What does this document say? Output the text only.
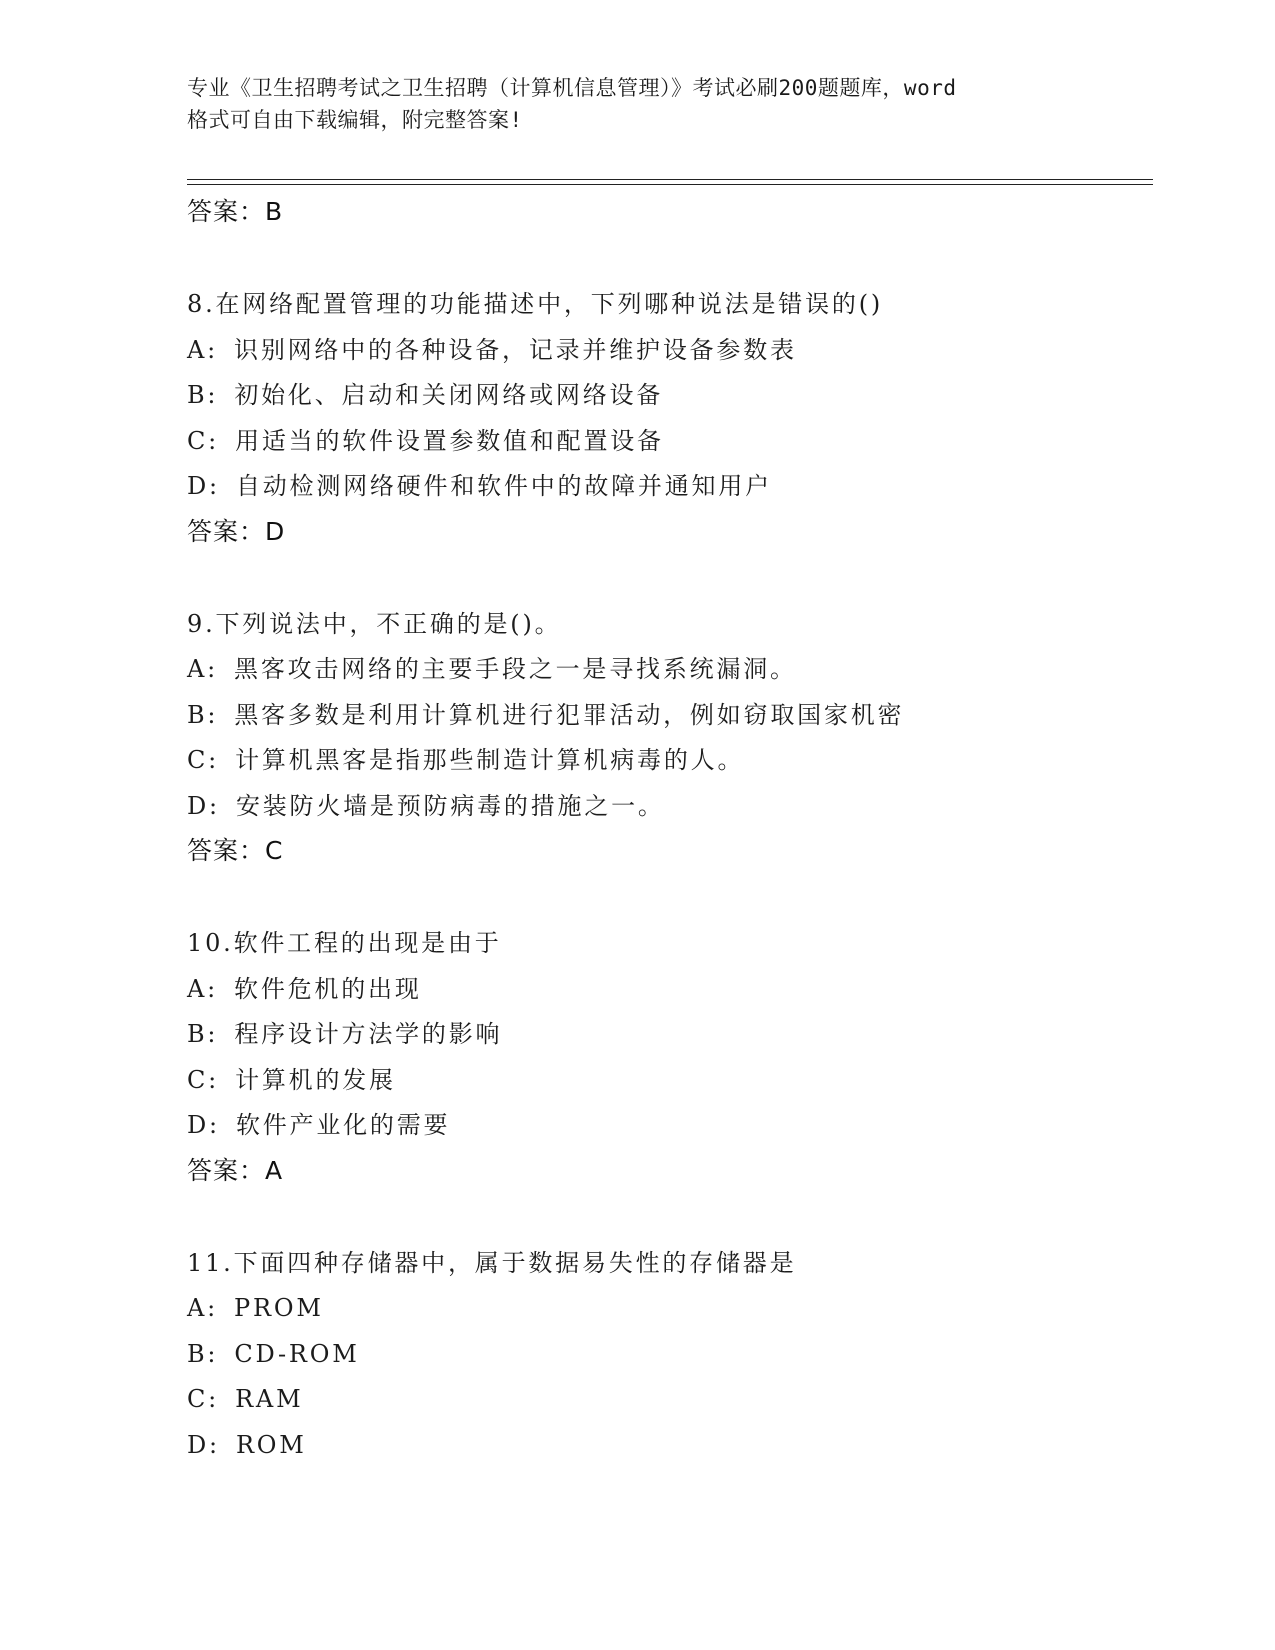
专业《卫生招聘考试之卫生招聘（计算机信息管理）》考试必刷200题题库，word
格式可自由下载编辑，附完整答案!
答案：B
8.在网络配置管理的功能描述中，下列哪种说法是错误的()
A: 识别网络中的各种设备，记录并维护设备参数表
B: 初始化、启动和关闭网络或网络设备
C: 用适当的软件设置参数值和配置设备
D: 自动检测网络硬件和软件中的故障并通知用户
答案：D
9.下列说法中，不正确的是()。
A: 黑客攻击网络的主要手段之一是寻找系统漏洞。
B: 黑客多数是利用计算机进行犯罪活动，例如窃取国家机密
C: 计算机黑客是指那些制造计算机病毒的人。
D: 安装防火墙是预防病毒的措施之一。
答案：C
10.软件工程的出现是由于
A: 软件危机的出现
B: 程序设计方法学的影响
C: 计算机的发展
D: 软件产业化的需要
答案：A
11.下面四种存储器中，属于数据易失性的存储器是
A: PROM
B: CD-ROM
C: RAM
D: ROM
